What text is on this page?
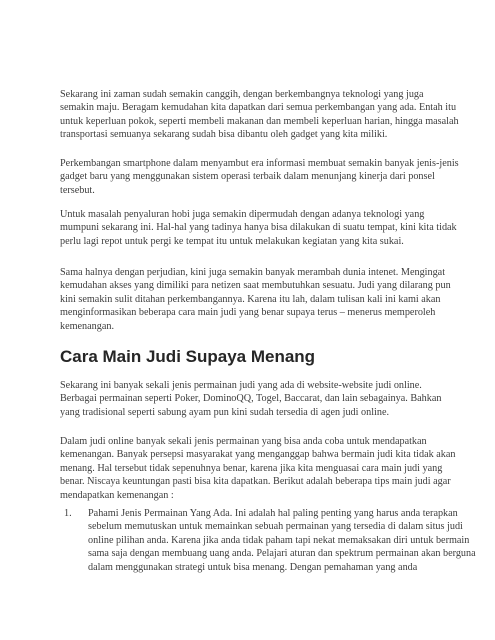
Sekarang ini zaman sudah semakin canggih, dengan berkembangnya teknologi yang juga semakin maju. Beragam kemudahan kita dapatkan dari semua perkembangan yang ada. Entah itu untuk keperluan pokok, seperti membeli makanan dan membeli keperluan harian, hingga masalah transportasi semuanya sekarang sudah bisa dibantu oleh gadget yang kita miliki.

Perkembangan smartphone dalam menyambut era informasi membuat semakin banyak jenis-jenis gadget baru yang menggunakan sistem operasi terbaik dalam menunjang kinerja dari ponsel tersebut.

Untuk masalah penyaluran hobi juga semakin dipermudah dengan adanya teknologi yang mumpuni sekarang ini. Hal-hal yang tadinya hanya bisa dilakukan di suatu tempat, kini kita tidak perlu lagi repot untuk pergi ke tempat itu untuk melakukan kegiatan yang kita sukai.

Sama halnya dengan perjudian, kini juga semakin banyak merambah dunia intenet. Mengingat kemudahan akses yang dimiliki para netizen saat membutuhkan sesuatu. Judi yang dilarang pun kini semakin sulit ditahan perkembangannya. Karena itu lah, dalam tulisan kali ini kami akan menginformasikan beberapa cara main judi yang benar supaya terus – menerus memperoleh kemenangan.

Cara Main Judi Supaya Menang

Sekarang ini banyak sekali jenis permainan judi yang ada di website-website judi online. Berbagai permainan seperti Poker, DominoQQ, Togel, Baccarat, dan lain sebagainya. Bahkan yang tradisional seperti sabung ayam pun kini sudah tersedia di agen judi online.

Dalam judi online banyak sekali jenis permainan yang bisa anda coba untuk mendapatkan kemenangan. Banyak persepsi masyarakat yang menganggap bahwa bermain judi kita tidak akan menang. Hal tersebut tidak sepenuhnya benar, karena jika kita menguasai cara main judi yang benar. Niscaya keuntungan pasti bisa kita dapatkan. Berikut adalah beberapa tips main judi agar mendapatkan kemenangan :

1. Pahami Jenis Permainan Yang Ada. Ini adalah hal paling penting yang harus anda terapkan sebelum memutuskan untuk memainkan sebuah permainan yang tersedia di dalam situs judi online pilihan anda. Karena jika anda tidak paham tapi nekat memaksakan diri untuk bermain sama saja dengan membuang uang anda. Pelajari aturan dan spektrum permainan akan berguna dalam menggunakan strategi untuk bisa menang. Dengan pemahaman yang anda
